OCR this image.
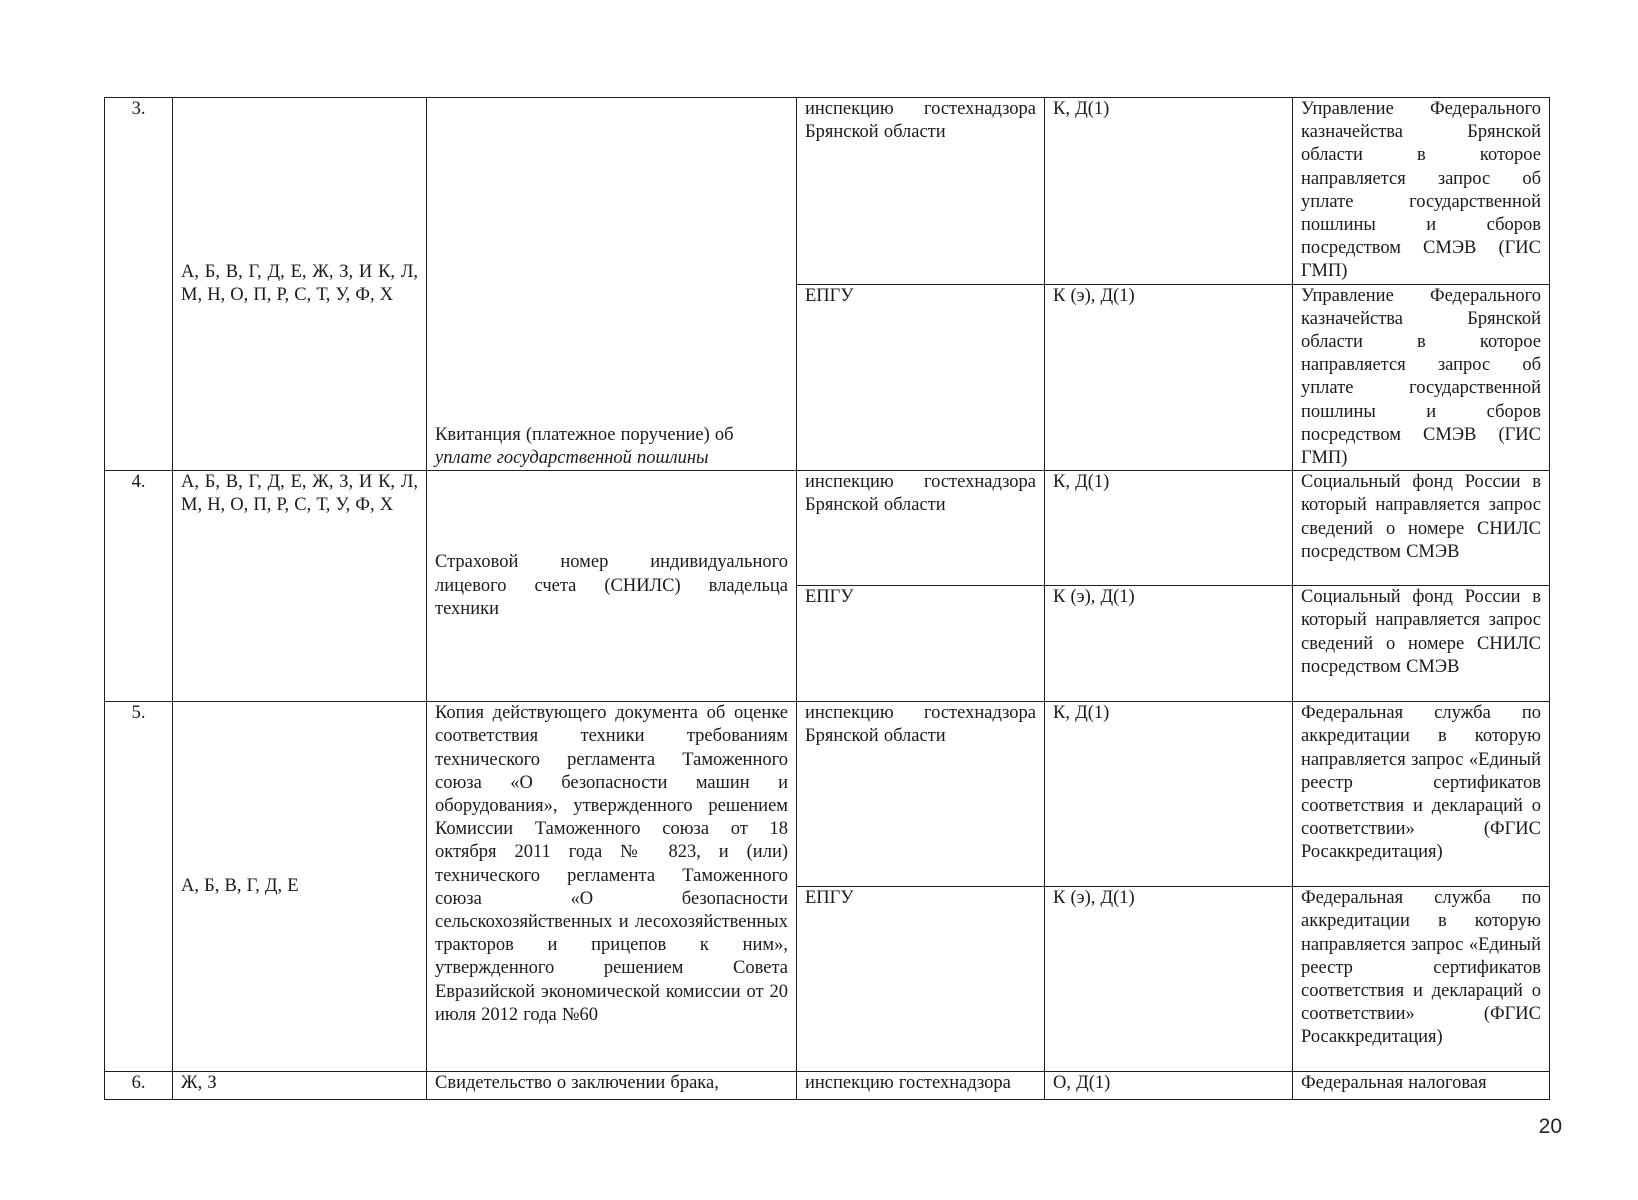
3.	А, Б, В, Г, Д, Е, Ж, З, И К, Л, М, Н, О, П, Р, С, Т, У, Ф, Х	Квитанция (платежное поручение) об
уплате государственной пошлины	инспекцию гостехнадзора Брянской области	К, Д(1)	Управление Федерального казначейства Брянской области в которое направляется запрос об уплате государственной пошлины и сборов посредством СМЭВ (ГИС ГМП)
			ЕПГУ	К (э), Д(1)	Управление Федерального казначейства Брянской области в которое направляется запрос об уплате государственной пошлины и сборов посредством СМЭВ (ГИС ГМП)
4.	А, Б, В, Г, Д, Е, Ж, З, И К, Л, М, Н, О, П, Р, С, Т, У, Ф, Х	Страховой номер индивидуального лицевого счета (СНИЛС) владельца техники	инспекцию гостехнадзора Брянской области	К, Д(1)	Социальный фонд России в который направляется запрос сведений о номере СНИЛС посредством СМЭВ
			ЕПГУ	К (э), Д(1)	Социальный фонд России в который направляется запрос сведений о номере СНИЛС посредством СМЭВ
5.	А, Б, В, Г, Д, Е	Копия действующего документа об оценке соответствия техники требованиям технического регламента Таможенного союза «О безопасности машин и оборудования», утвержденного решением Комиссии Таможенного союза от 18 октября 2011 года № 823, и (или) технического регламента Таможенного союза «О безопасности сельскохозяйственных и лесохозяйственных тракторов и прицепов к ним», утвержденного решением Совета Евразийской экономической комиссии от 20 июля 2012 года №60	инспекцию гостехнадзора Брянской области	К, Д(1)	Федеральная служба по аккредитации в которую направляется запрос «Единый реестр сертификатов соответствия и деклараций о соответствии» (ФГИС Росаккредитация)
			ЕПГУ	К (э), Д(1)	Федеральная служба по аккредитации в которую направляется запрос «Единый реестр сертификатов соответствия и деклараций о соответствии» (ФГИС Росаккредитация)
6.	Ж, З	Свидетельство о заключении брака,	инспекцию гостехнадзора	О, Д(1)	Федеральная налоговая
20
